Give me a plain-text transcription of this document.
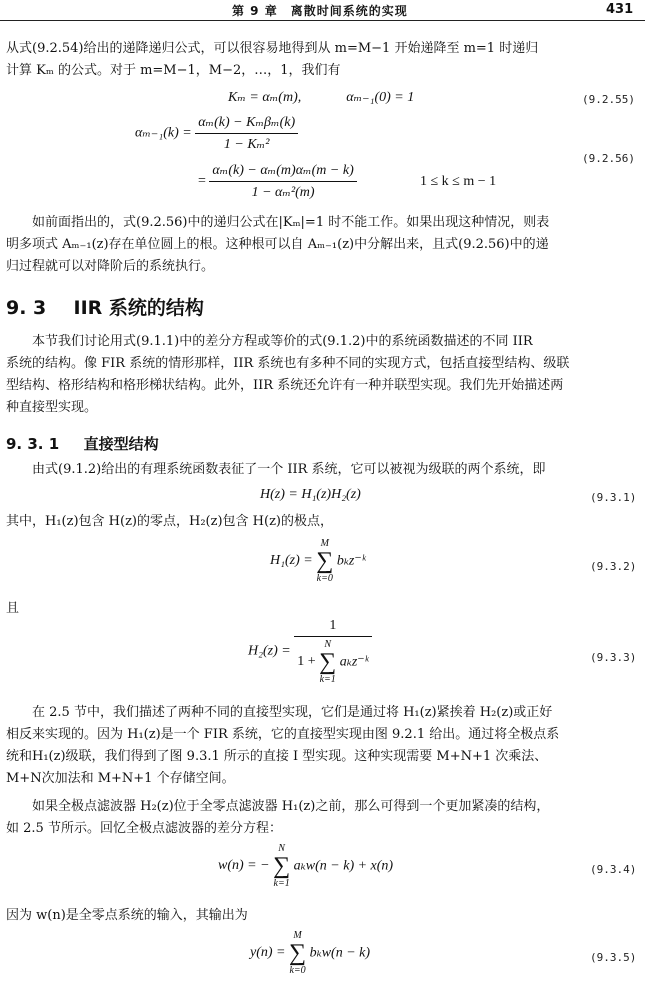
第 9 章　离散时间系统的实现	431
从式(9.2.54)给出的递降递归公式，可以很容易地得到从 m=M−1 开始递降至 m=1 时递归
计算 Kₘ 的公式。对于 m=M−1，M−2，…，1，我们有
Kₘ = αₘ(m),	αₘ₋₁(0) = 1	(9.2.55)
$\alpha_{m-1}(k) = \frac{\text{αₘ(k) − Kₘβₘ(k)}}{\text{1 − Kₘ²}}$
= $\frac{\text{αₘ(k) − αₘ(m)αₘ(m − k)}}{\text{1 − αₘ²(m)}}$	1 ≤ k ≤ m − 1
(9.2.56)
如前面指出的，式(9.2.56)中的递归公式在|Kₘ|=1 时不能工作。如果出现这种情况，则表
明多项式 Aₘ₋₁(z)存在单位圆上的根。这种根可以自 Aₘ₋₁(z)中分解出来，且式(9.2.56)中的递
归过程就可以对降阶后的系统执行。
9. 3 IIR 系统的结构
本节我们讨论用式(9.1.1)中的差分方程或等价的式(9.1.2)中的系统函数描述的不同 IIR
系统的结构。像 FIR 系统的情形那样，IIR 系统也有多种不同的实现方式，包括直接型结构、级联
型结构、格形结构和格形梯状结构。此外，IIR 系统还允许有一种并联型实现。我们先开始描述两
种直接型实现。
9. 3. 1 直接型结构
由式(9.1.2)给出的有理系统函数表征了一个 IIR 系统，它可以被视为级联的两个系统，即
H(z) = H₁(z)H₂(z)	(9.3.1)
其中，H₁(z)包含 H(z)的零点，H₂(z)包含 H(z)的极点，
H₁(z) = M
∑
k=0 bₖz⁻ᵏ	(9.3.2)
且
H₂(z) =
1
1 + N
∑
k=1 aₖz⁻ᵏ	(9.3.3)
在 2.5 节中，我们描述了两种不同的直接型实现，它们是通过将 H₁(z)紧挨着 H₂(z)或正好
相反来实现的。因为 H₁(z)是一个 FIR 系统，它的直接型实现由图 9.2.1 给出。通过将全极点系
统和H₁(z)级联，我们得到了图 9.3.1 所示的直接 I 型实现。这种实现需要 M+N+1 次乘法、
M+N次加法和 M+N+1 个存储空间。
如果全极点滤波器 H₂(z)位于全零点滤波器 H₁(z)之前，那么可得到一个更加紧凑的结构，
如 2.5 节所示。回忆全极点滤波器的差分方程：
w(n) = − N
∑
k=1 aₖw(n − k) + x(n)	(9.3.4)
因为 w(n)是全零点系统的输入，其输出为
y(n) = M
∑
k=0 bₖw(n − k)	(9.3.5)
